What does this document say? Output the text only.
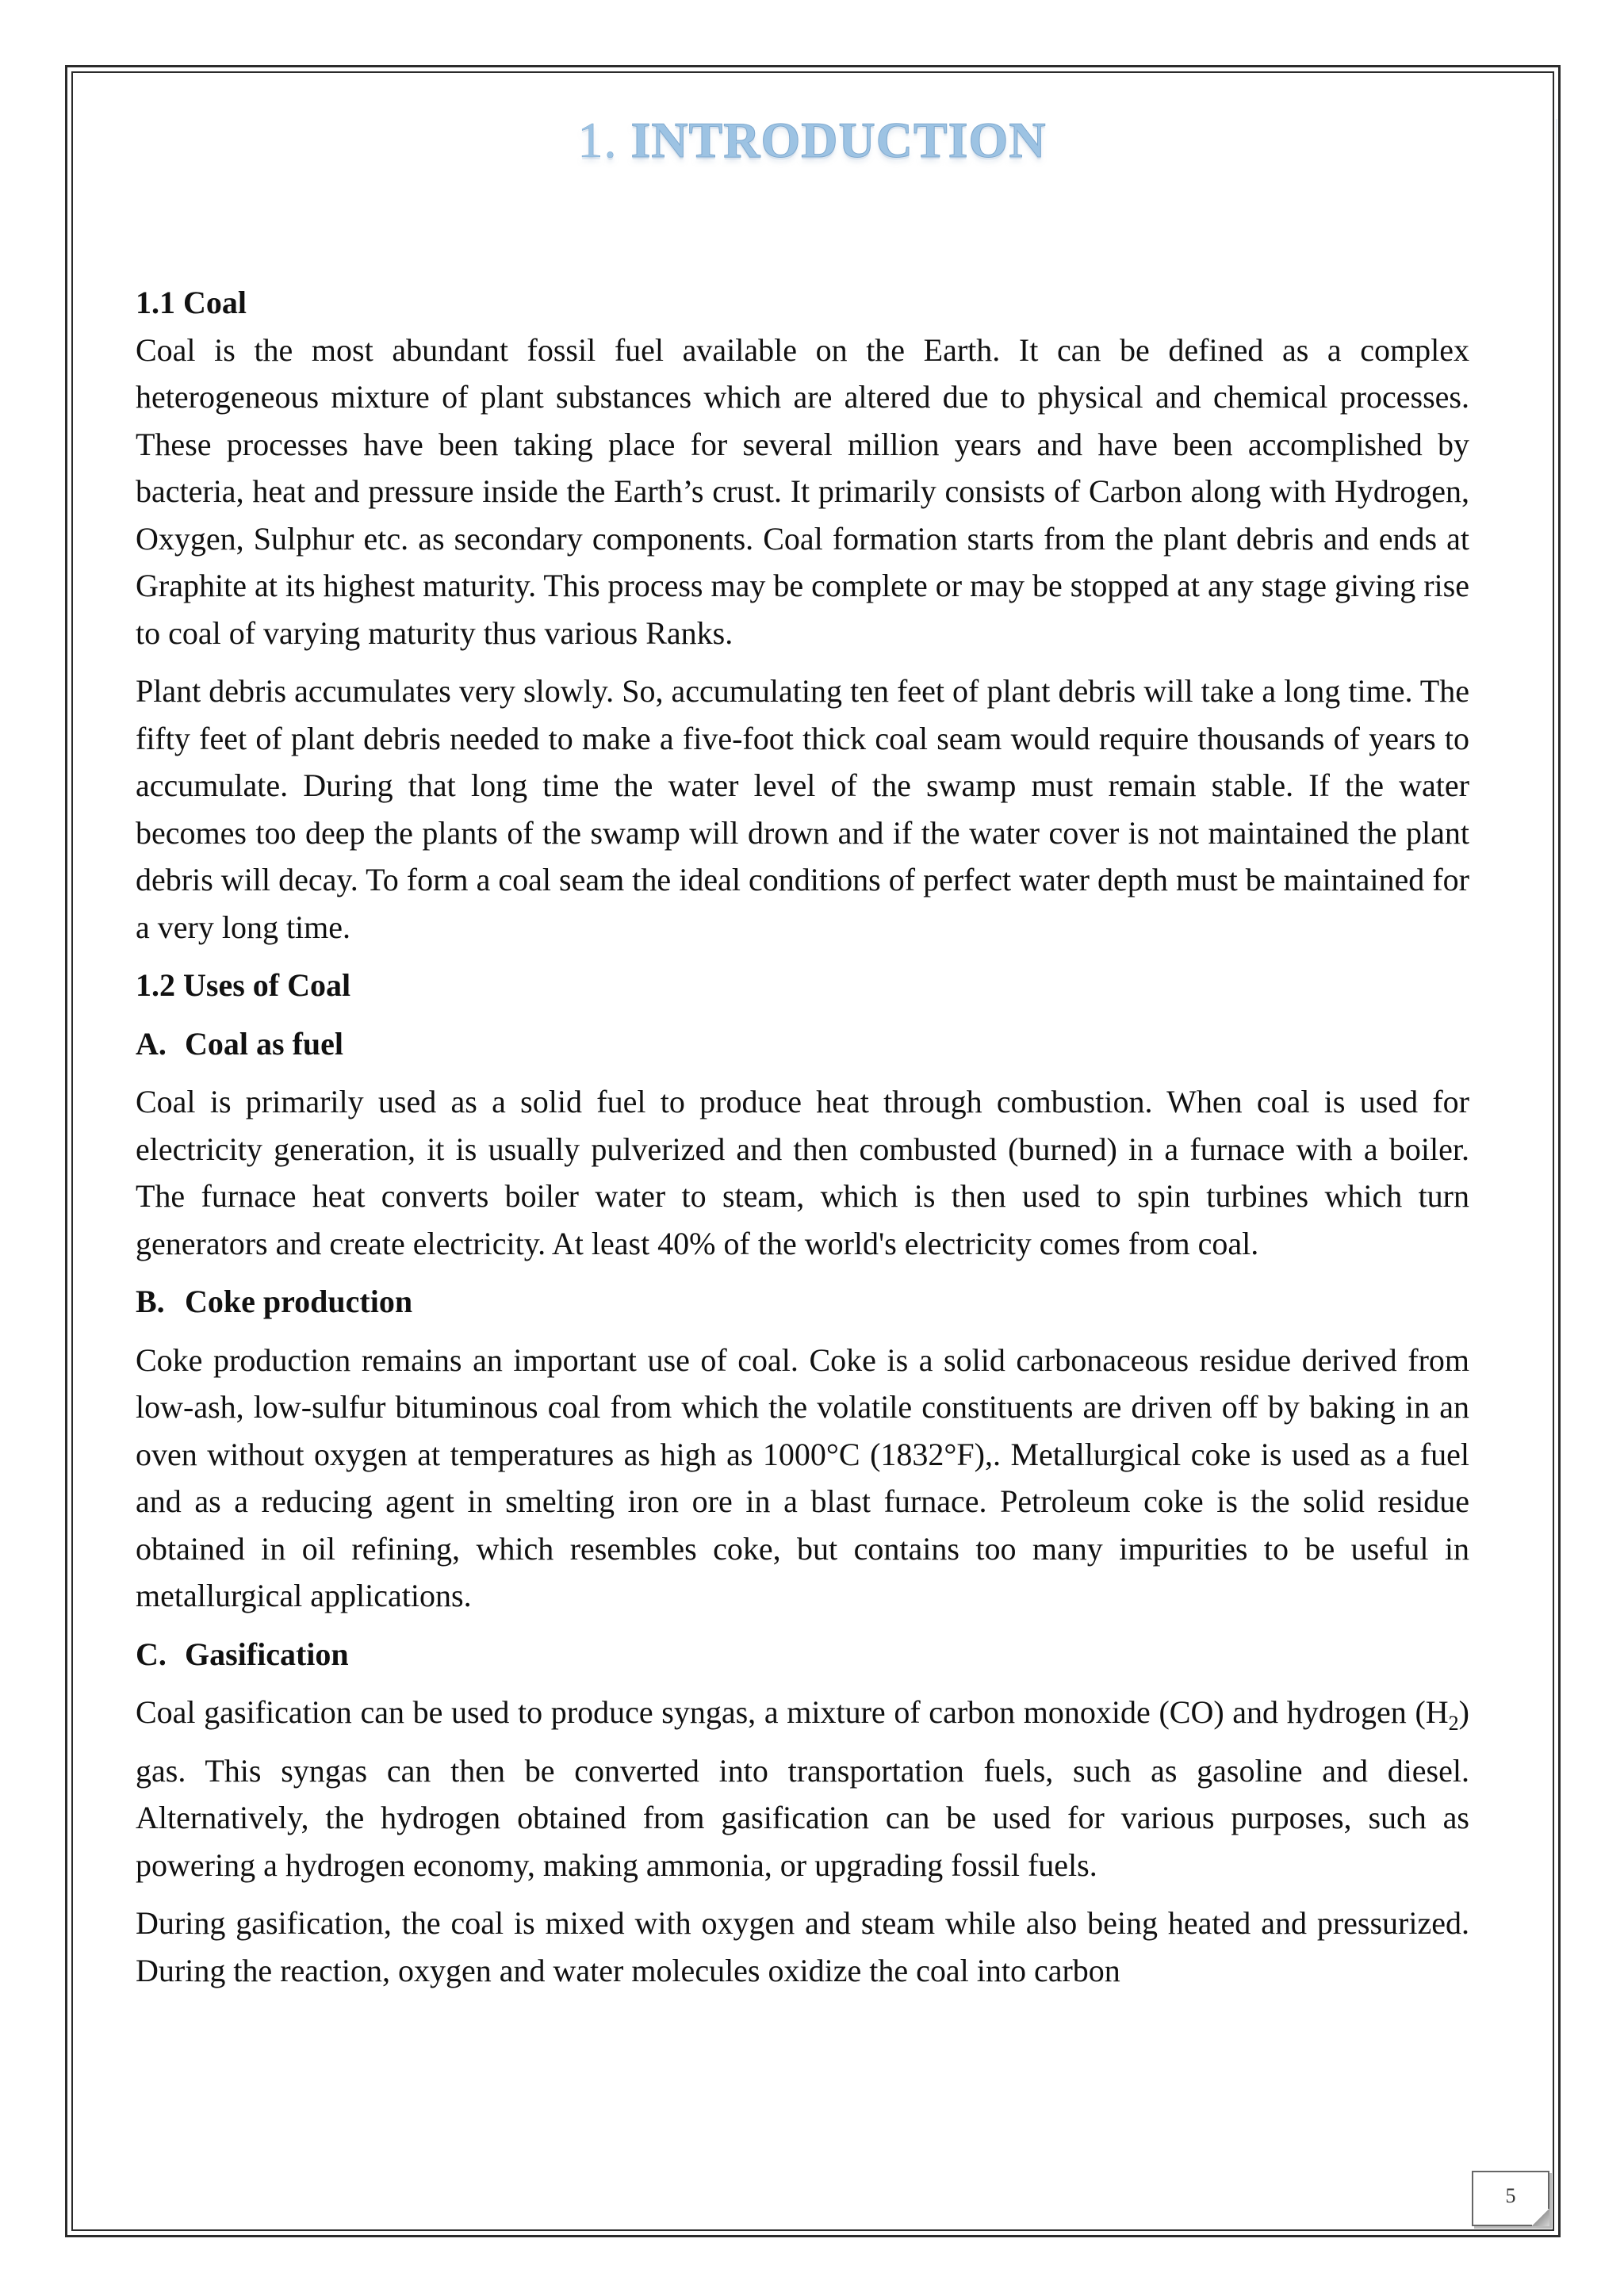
1. INTRODUCTION

1.1 Coal

Coal is the most abundant fossil fuel available on the Earth. It can be defined as a complex heterogeneous mixture of plant substances which are altered due to physical and chemical processes. These processes have been taking place for several million years and have been accomplished by bacteria, heat and pressure inside the Earth’s crust. It primarily consists of Carbon along with Hydrogen, Oxygen, Sulphur etc. as secondary components. Coal formation starts from the plant debris and ends at Graphite at its highest maturity. This process may be complete or may be stopped at any stage giving rise to coal of varying maturity thus various Ranks.

Plant debris accumulates very slowly. So, accumulating ten feet of plant debris will take a long time. The fifty feet of plant debris needed to make a five-foot thick coal seam would require thousands of years to accumulate. During that long time the water level of the swamp must remain stable. If the water becomes too deep the plants of the swamp will drown and if the water cover is not maintained the plant debris will decay. To form a coal seam the ideal conditions of perfect water depth must be maintained for a very long time.

1.2 Uses of Coal

A. Coal as fuel

Coal is primarily used as a solid fuel to produce heat through combustion. When coal is used for electricity generation, it is usually pulverized and then combusted (burned) in a furnace with a boiler. The furnace heat converts boiler water to steam, which is then used to spin turbines which turn generators and create electricity. At least 40% of the world's electricity comes from coal.

B. Coke production

Coke production remains an important use of coal. Coke is a solid carbonaceous residue derived from low-ash, low-sulfur bituminous coal from which the volatile constituents are driven off by baking in an oven without oxygen at temperatures as high as 1000°C (1832°F),. Metallurgical coke is used as a fuel and as a reducing agent in smelting iron ore in a blast furnace. Petroleum coke is the solid residue obtained in oil refining, which resembles coke, but contains too many impurities to be useful in metallurgical applications.

C. Gasification

Coal gasification can be used to produce syngas, a mixture of carbon monoxide (CO) and hydrogen $(H_2)$ gas. This syngas can then be converted into transportation fuels, such as gasoline and diesel. Alternatively, the hydrogen obtained from gasification can be used for various purposes, such as powering a hydrogen economy, making ammonia, or upgrading fossil fuels.

During gasification, the coal is mixed with oxygen and steam while also being heated and pressurized. During the reaction, oxygen and water molecules oxidize the coal into carbon

5
